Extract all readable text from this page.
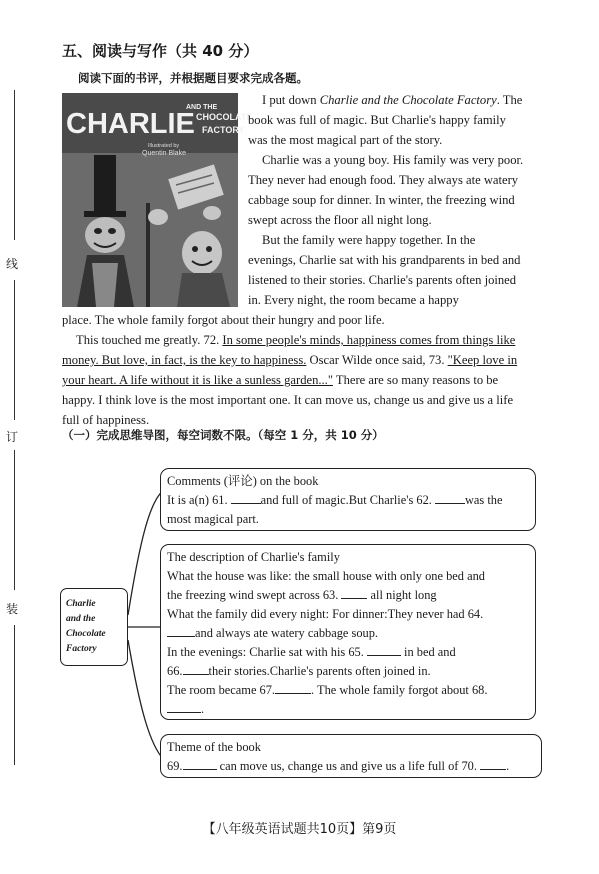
线
订
装
五、阅读与写作（共 40 分）
阅读下面的书评，并根据题目要求完成各题。
CHARLIE
AND THE
CHOCOLATE
FACTORY
Illustrated by
Quentin Blake
I put down Charlie and the Chocolate Factory. The book was full of magic. But Charlie's happy family was the most magical part of the story.
Charlie was a young boy. His family was very poor. They never had enough food. They always ate watery cabbage soup for dinner. In winter, the freezing wind swept across the floor all night long.
But the family were happy together. In the evenings, Charlie sat with his grandparents in bed and listened to their stories. Charlie's parents often joined in. Every night, the room became a happy
place. The whole family forgot about their hungry and poor life.
This touched me greatly. 72. In some people's minds, happiness comes from things like money. But love, in fact, is the key to happiness. Oscar Wilde once said, 73. "Keep love in your heart. A life without it is like a sunless garden..." There are so many reasons to be happy. I think love is the most important one. It can move us, change us and give us a life full of happiness.
（一）完成思维导图，每空词数不限。（每空 1 分，共 10 分）
Charlie
and the
Chocolate
Factory
Comments (评论) on the book
It is a(n) 61. and full of magic.But Charlie's 62. was the
most magical part.
The description of Charlie's family
What the house was like: the small house with only one bed and
the freezing wind swept across 63.  all night long
What the family did every night: For dinner:They never had 64.
and always ate watery cabbage soup.
In the evenings: Charlie sat with his 65.	in bed and
66. their stories.Charlie's parents often joined in.
The room became 67.	. The whole family forgot about 68.
.
Theme of the book
69.	can move us, change us and give us a life full of 70. .
【八年级英语试题共10页】第9页
